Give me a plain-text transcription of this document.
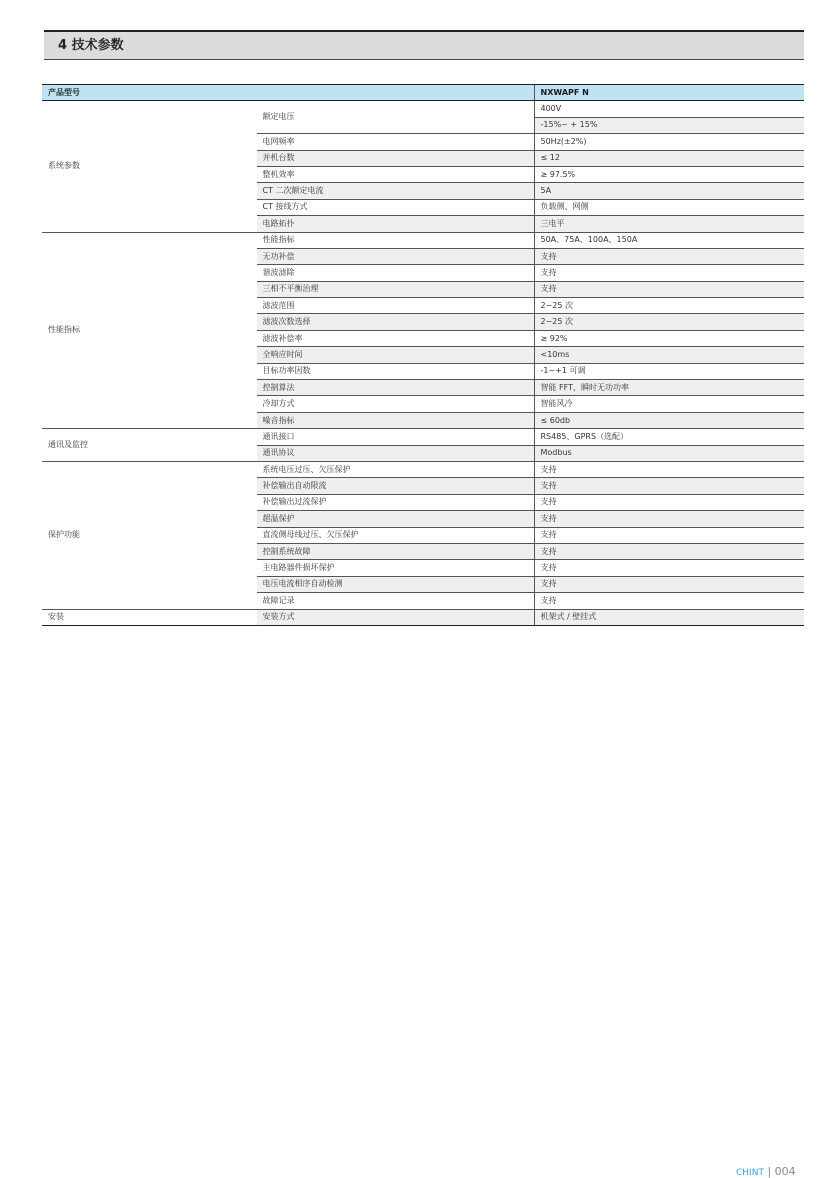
4 技术参数
产品型号		NXWAPF N
系统参数	额定电压	400V
		-15%~ + 15%
	电网频率	50Hz(±2%)
	并机台数	≤ 12
	整机效率	≥ 97.5%
	CT 二次额定电流	5A
	CT 接线方式	负载侧、网侧
	电路拓扑	三电平
性能指标	性能指标	50A、75A、100A、150A
	无功补偿	支持
	谐波滤除	支持
	三相不平衡治理	支持
	滤波范围	2~25 次
	滤波次数选择	2~25 次
	滤波补偿率	≥ 92%
	全响应时间	<10ms
	目标功率因数	-1~+1 可调
	控制算法	智能 FFT，瞬时无功功率
	冷却方式	智能风冷
	噪音指标	≤ 60db
通讯及监控	通讯接口	RS485、GPRS（选配）
	通讯协议	Modbus
保护功能	系统电压过压、欠压保护	支持
	补偿输出自动限流	支持
	补偿输出过流保护	支持
	超温保护	支持
	直流侧母线过压、欠压保护	支持
	控制系统故障	支持
	主电路器件损坏保护	支持
	电压电流相序自动检测	支持
	故障记录	支持
安装	安装方式	机架式 / 壁挂式
CHINT | 004
